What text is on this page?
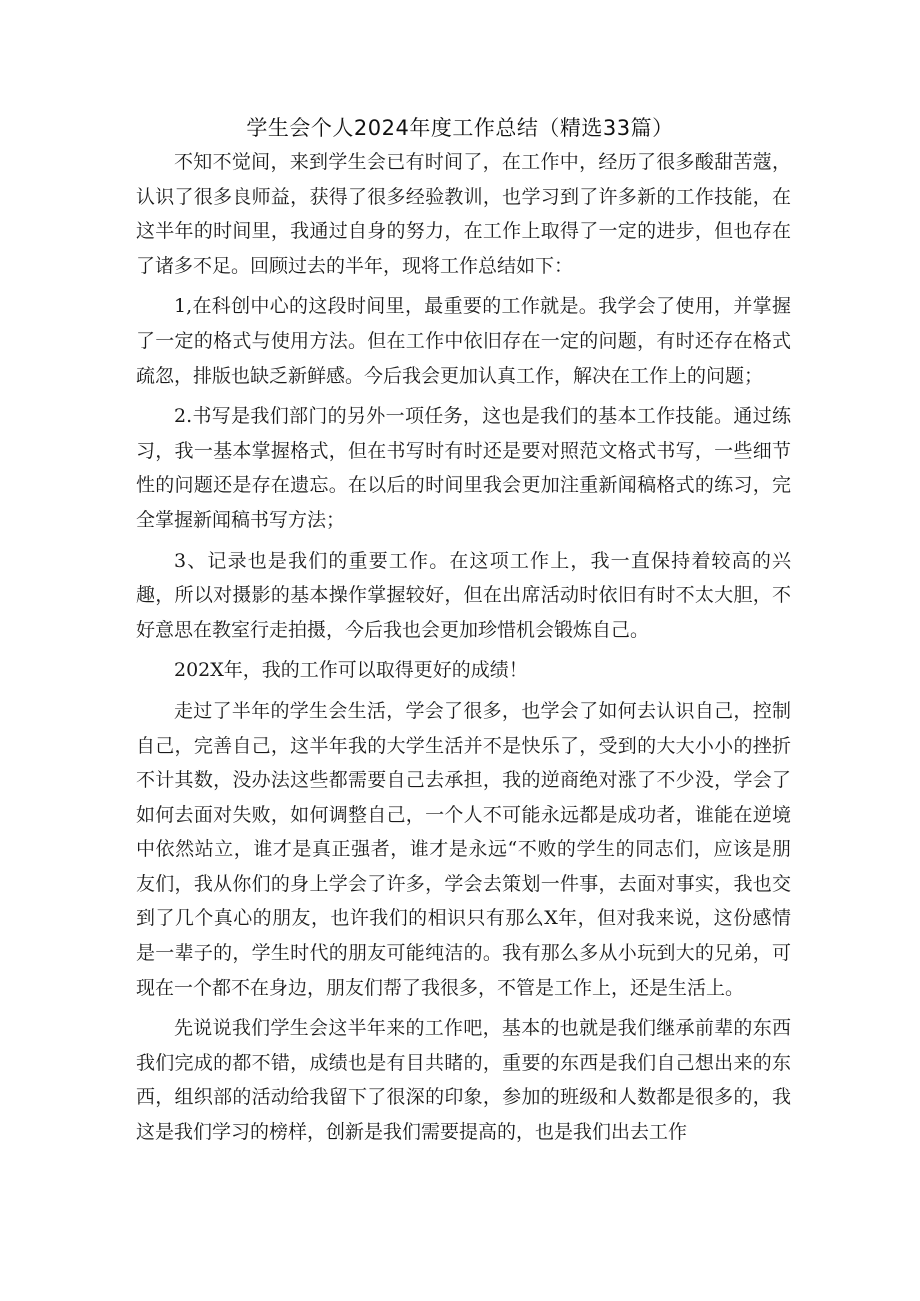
学生会个人2024年度工作总结（精选33篇）

不知不觉间，来到学生会已有时间了，在工作中，经历了很多酸甜苦蔻，认识了很多良师益，获得了很多经验教训，也学习到了许多新的工作技能，在这半年的时间里，我通过自身的努力，在工作上取得了一定的进步，但也存在了诸多不足。回顾过去的半年，现将工作总结如下：

1,在科创中心的这段时间里，最重要的工作就是。我学会了使用，并掌握了一定的格式与使用方法。但在工作中依旧存在一定的问题，有时还存在格式疏忽，排版也缺乏新鲜感。今后我会更加认真工作，解决在工作上的问题；

2.书写是我们部门的另外一项任务，这也是我们的基本工作技能。通过练习，我一基本掌握格式，但在书写时有时还是要对照范文格式书写，一些细节性的问题还是存在遗忘。在以后的时间里我会更加注重新闻稿格式的练习，完全掌握新闻稿书写方法；

3、记录也是我们的重要工作。在这项工作上，我一直保持着较高的兴趣，所以对摄影的基本操作掌握较好，但在出席活动时依旧有时不太大胆，不好意思在教室行走拍摄，今后我也会更加珍惜机会锻炼自己。

202X年，我的工作可以取得更好的成绩！

走过了半年的学生会生活，学会了很多，也学会了如何去认识自己，控制自己，完善自己，这半年我的大学生活并不是快乐了，受到的大大小小的挫折不计其数，没办法这些都需要自己去承担，我的逆商绝对涨了不少没，学会了如何去面对失败，如何调整自己，一个人不可能永远都是成功者，谁能在逆境中依然站立，谁才是真正强者，谁才是永远“不败的学生的同志们，应该是朋友们，我从你们的身上学会了许多，学会去策划一件事，去面对事实，我也交到了几个真心的朋友，也许我们的相识只有那么X年，但对我来说，这份感情是一辈子的，学生时代的朋友可能纯洁的。我有那么多从小玩到大的兄弟，可现在一个都不在身边，朋友们帮了我很多，不管是工作上，还是生活上。

先说说我们学生会这半年来的工作吧，基本的也就是我们继承前辈的东西我们完成的都不错，成绩也是有目共睹的，重要的东西是我们自己想出来的东西，组织部的活动给我留下了很深的印象，参加的班级和人数都是很多的，我这是我们学习的榜样，创新是我们需要提高的，也是我们出去工作
